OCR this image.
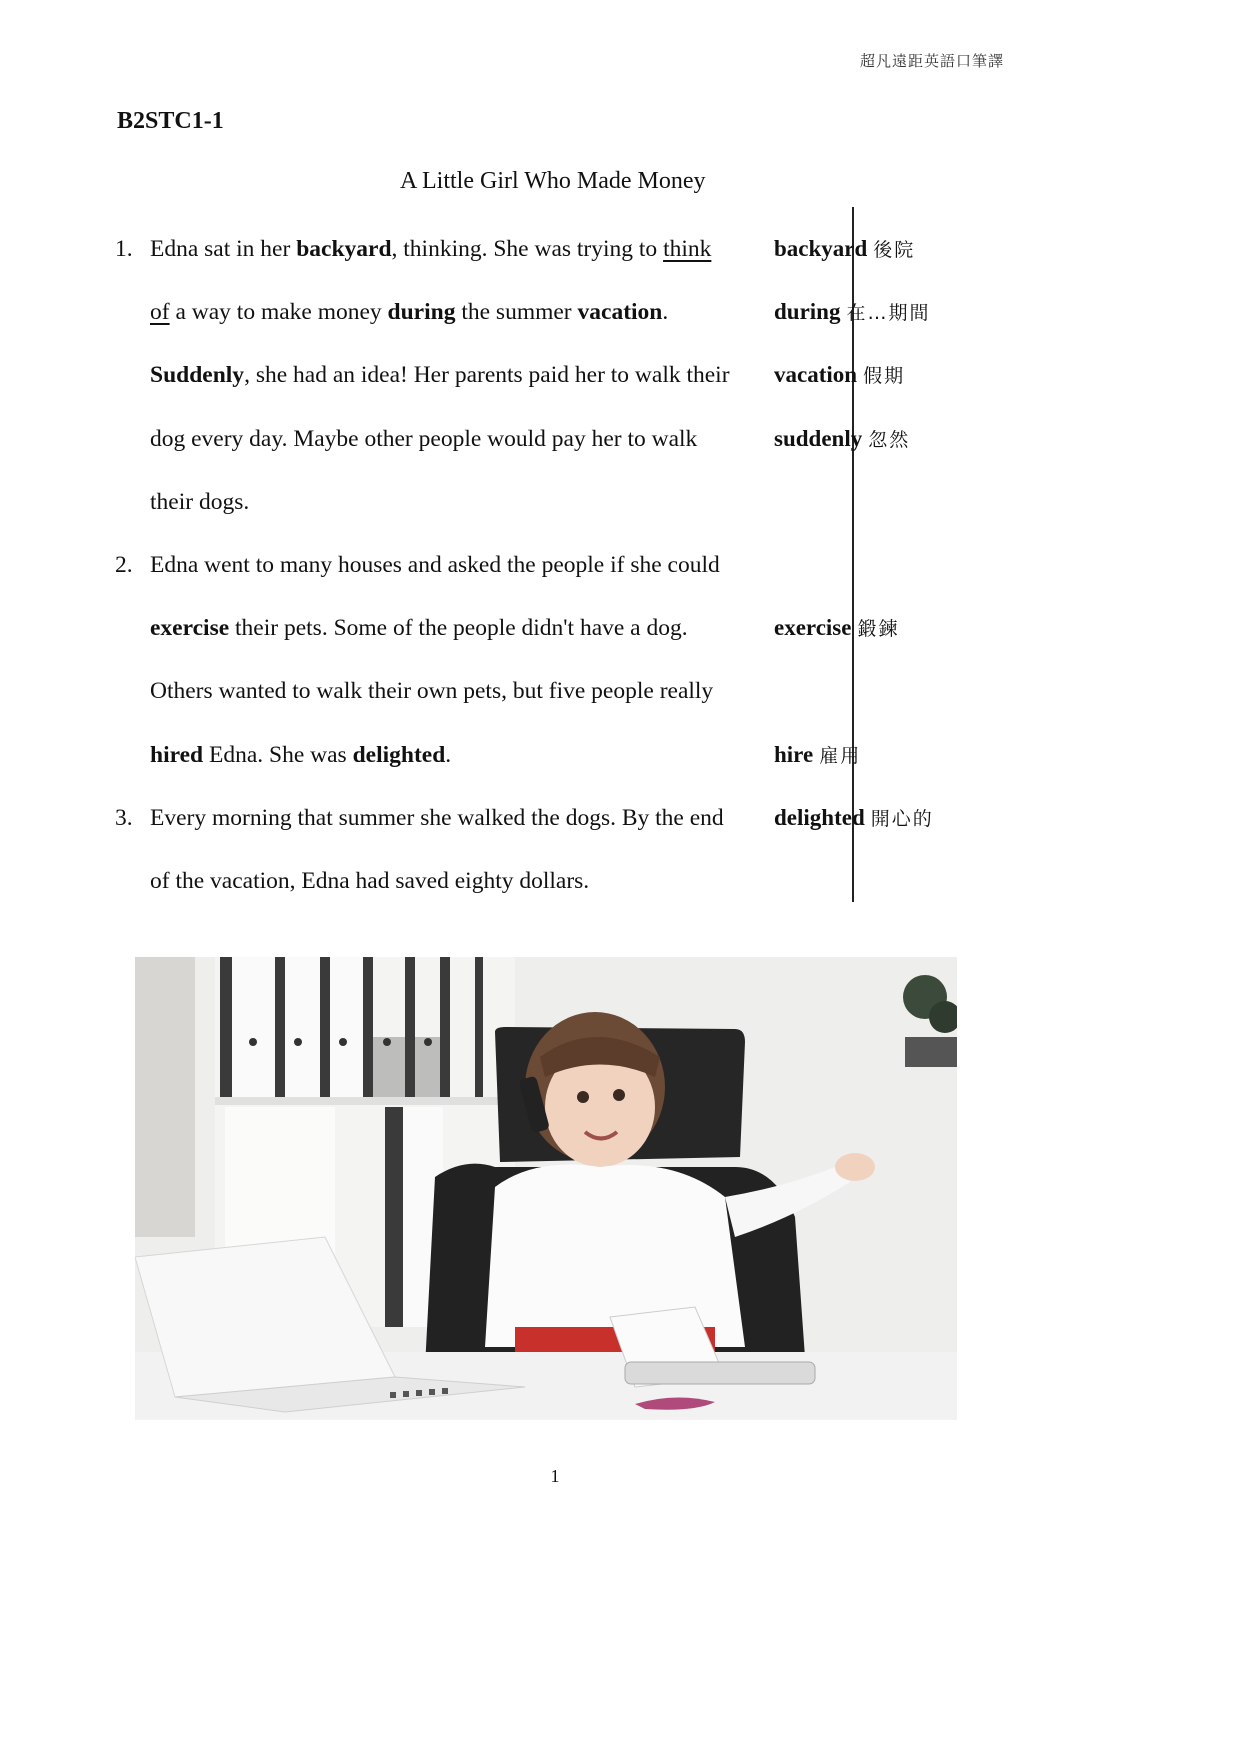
超凡遠距英語口筆譯
B2STC1-1
A Little Girl Who Made Money
1. Edna sat in her backyard, thinking. She was trying to think
of a way to make money during the summer vacation.
Suddenly, she had an idea! Her parents paid her to walk their
dog every day. Maybe other people would pay her to walk
their dogs.
2. Edna went to many houses and asked the people if she could
exercise their pets. Some of the people didn't have a dog.
Others wanted to walk their own pets, but five people really
hired Edna. She was delighted.
3. Every morning that summer she walked the dogs. By the end
of the vacation, Edna had saved eighty dollars.
backyard 後院
during 在…期間
vacation 假期
suddenly 忽然
exercise 鍛鍊
hire 雇用
delighted 開心的
1
